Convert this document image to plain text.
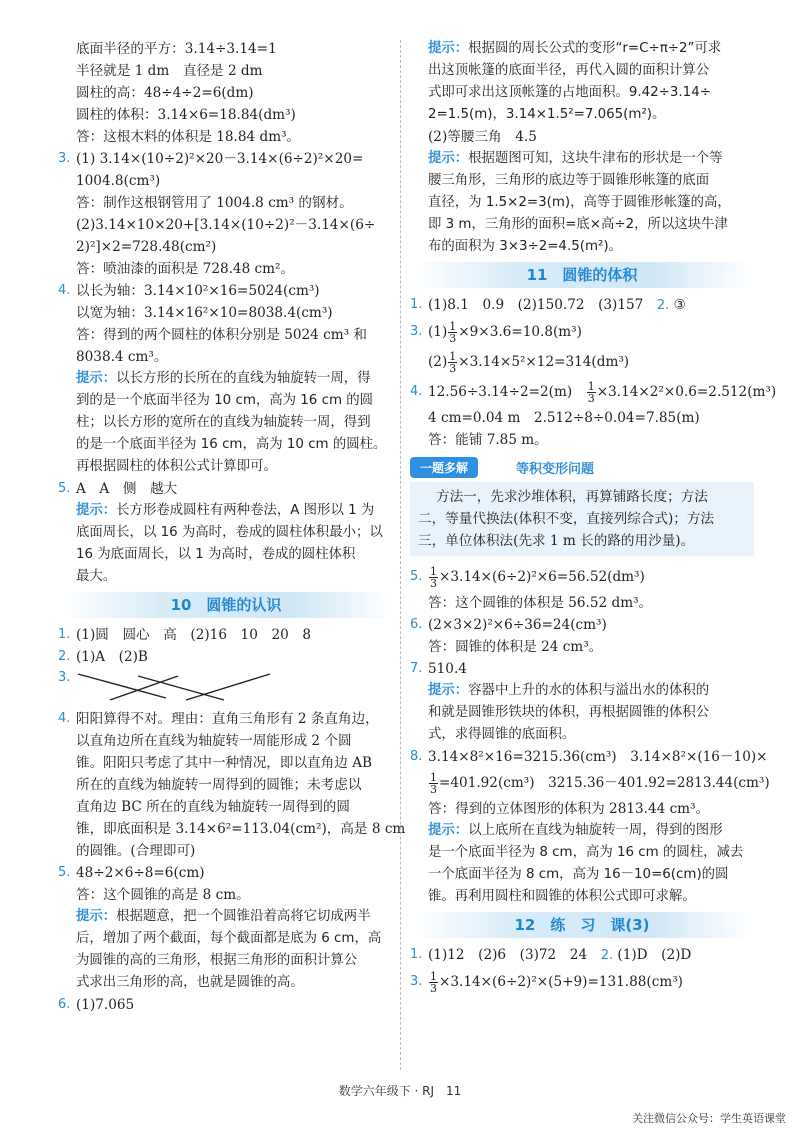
底面半径的平方：3.14÷3.14=1
半径就是 1 dm　直径是 2 dm
圆柱的高：48÷4÷2=6(dm)
圆柱的体积：3.14×6=18.84(dm³)
答：这根木料的体积是 18.84 dm³。
3. (1) 3.14×(10÷2)²×20－3.14×(6÷2)²×20=
1004.8(cm³)
答：制作这根钢管用了 1004.8 cm³ 的钢材。
(2)3.14×10×20+[3.14×(10÷2)²－3.14×(6÷
2)²]×2=728.48(cm²)
答：喷油漆的面积是 728.48 cm²。
4. 以长为轴：3.14×10²×16=5024(cm³)
以宽为轴：3.14×16²×10=8038.4(cm³)
答：得到的两个圆柱的体积分别是 5024 cm³ 和
8038.4 cm³。
提示：以长方形的长所在的直线为轴旋转一周，得
到的是一个底面半径为 10 cm，高为 16 cm 的圆
柱；以长方形的宽所在的直线为轴旋转一周，得到
的是一个底面半径为 16 cm，高为 10 cm 的圆柱。
再根据圆柱的体积公式计算即可。
5. A　A　侧　越大
提示：长方形卷成圆柱有两种卷法，A 图形以 1 为
底面周长，以 16 为高时，卷成的圆柱体积最小；以
16 为底面周长，以 1 为高时，卷成的圆柱体积
最大。
10　圆锥的认识
1. (1)圆　圆心　高　(2)16　10　20　8
2. (1)A　(2)B
3.
4. 阳阳算得不对。理由：直角三角形有 2 条直角边，
以直角边所在直线为轴旋转一周能形成 2 个圆
锥。阳阳只考虑了其中一种情况，即以直角边 AB
所在的直线为轴旋转一周得到的圆锥；未考虑以
直角边 BC 所在的直线为轴旋转一周得到的圆
锥，即底面积是 3.14×6²=113.04(cm²)，高是 8 cm
的圆锥。(合理即可)
5. 48÷2×6÷8=6(cm)
答：这个圆锥的高是 8 cm。
提示：根据题意，把一个圆锥沿着高将它切成两半
后，增加了两个截面，每个截面都是底为 6 cm，高
为圆锥的高的三角形，根据三角形的面积计算公
式求出三角形的高，也就是圆锥的高。
6. (1)7.065
提示：根据圆的周长公式的变形“r=C÷π÷2”可求
出这顶帐篷的底面半径，再代入圆的面积计算公
式即可求出这顶帐篷的占地面积。9.42÷3.14÷
2=1.5(m)，3.14×1.5²=7.065(m²)。
(2)等腰三角　4.5
提示：根据题图可知，这块牛津布的形状是一个等
腰三角形，三角形的底边等于圆锥形帐篷的底面
直径，为 1.5×2=3(m)，高等于圆锥形帐篷的高，
即 3 m，三角形的面积=底×高÷2，所以这块牛津
布的面积为 3×3÷2=4.5(m²)。
11　圆锥的体积
1. (1)8.1　0.9　(2)150.72　(3)157　 2. ③
3. $(1) \frac{1}{3} \times 9\times 3.6=10.8(m^3)$
$(2) \frac{1}{3} \times 3.14\times 5^2\times 12=314(dm^3)$
4. 12.56÷3.14÷2=2(m)　 $\frac{1}{3} \times 3.14\times 2^2\times 0.6=2.512(m^3)$
4 cm=0.04 m　2.512÷8÷0.04=7.85(m)
答：能铺 7.85 m。
一题多解	等积变形问题
方法一，先求沙堆体积，再算铺路长度；方法
二，等量代换法(体积不变，直接列综合式)；方法
三，单位体积法(先求 1 m 长的路的用沙量)。
5. $\frac{1}{3} \times 3.14\times(6\div 2)^2\times 6=56.52(dm^3)$
答：这个圆锥的体积是 56.52 dm³。
6. (2×3×2)²×6÷36=24(cm³)
答：圆锥的体积是 24 cm³。
7. 510.4
提示：容器中上升的水的体积与溢出水的体积的
和就是圆锥形铁块的体积，再根据圆锥的体积公
式，求得圆锥的底面积。
8. 3.14×8²×16=3215.36(cm³)　3.14×8²×(16－10)×
$\frac{1}{3} =401.92(cm^3)$　3215.36－401.92=2813.44(cm³)
答：得到的立体图形的体积为 2813.44 cm³。
提示：以上底所在直线为轴旋转一周，得到的图形
是一个底面半径为 8 cm，高为 16 cm 的圆柱，减去
一个底面半径为 8 cm，高为 16－10=6(cm)的圆
锥。再利用圆柱和圆锥的体积公式即可求解。
12　练　习　课(3)
1. (1)12　(2)6　(3)72　24　 2. (1)D　(2)D
3. $\frac{1}{3} \times 3.14\times(6\div 2)^2\times(5+9)=131.88(cm^3)$
数学六年级下 · RJ　11
关注微信公众号：学生英语课堂
